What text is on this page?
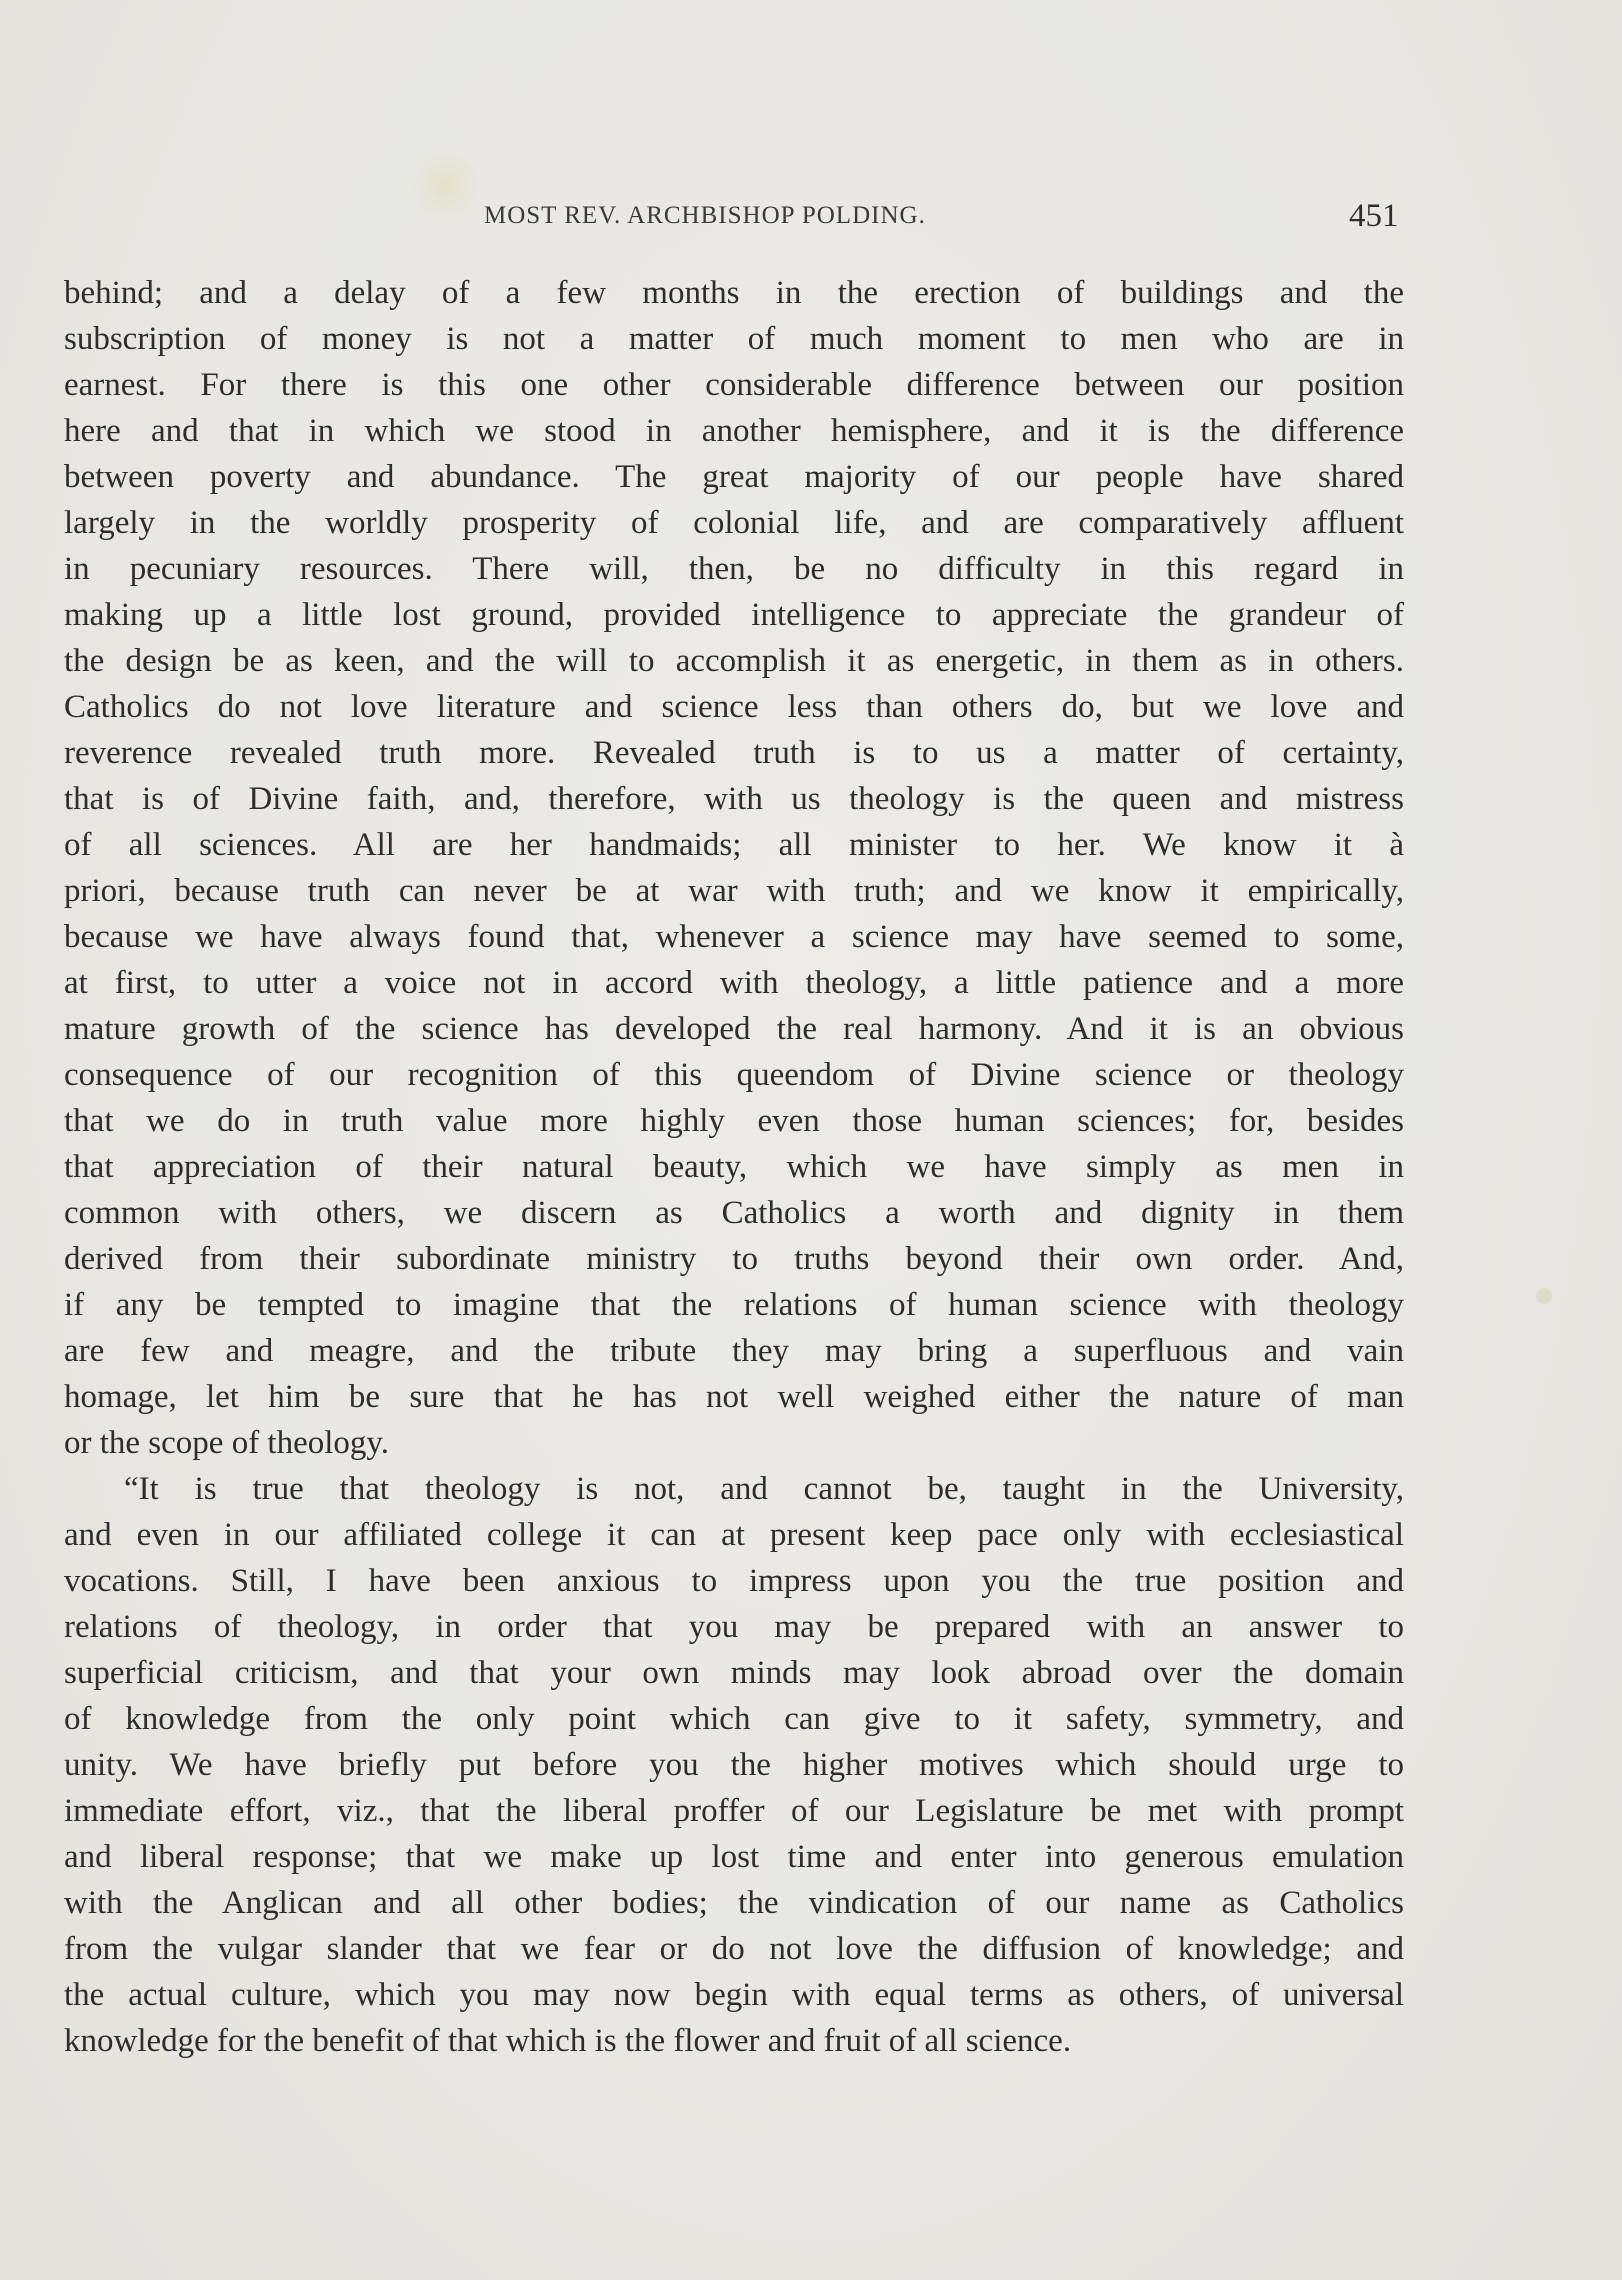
MOST REV. ARCHBISHOP POLDING.	451
behind; and a delay of a few months in the erection of buildings and the
subscription of money is not a matter of much moment to men who are in
earnest. For there is this one other considerable difference between our position
here and that in which we stood in another hemisphere, and it is the difference
between poverty and abundance. The great majority of our people have shared
largely in the worldly prosperity of colonial life, and are comparatively affluent
in pecuniary resources. There will, then, be no difficulty in this regard in
making up a little lost ground, provided intelligence to appreciate the grandeur of
the design be as keen, and the will to accomplish it as energetic, in them as in others.
Catholics do not love literature and science less than others do, but we love and
reverence revealed truth more. Revealed truth is to us a matter of certainty,
that is of Divine faith, and, therefore, with us theology is the queen and mistress
of all sciences. All are her handmaids; all minister to her. We know it à
priori, because truth can never be at war with truth; and we know it empirically,
because we have always found that, whenever a science may have seemed to some,
at first, to utter a voice not in accord with theology, a little patience and a more
mature growth of the science has developed the real harmony. And it is an obvious
consequence of our recognition of this queendom of Divine science or theology
that we do in truth value more highly even those human sciences; for, besides
that appreciation of their natural beauty, which we have simply as men in
common with others, we discern as Catholics a worth and dignity in them
derived from their subordinate ministry to truths beyond their own order. And,
if any be tempted to imagine that the relations of human science with theology
are few and meagre, and the tribute they may bring a superfluous and vain
homage, let him be sure that he has not well weighed either the nature of man
or the scope of theology.
“It is true that theology is not, and cannot be, taught in the University,
and even in our affiliated college it can at present keep pace only with ecclesiastical
vocations. Still, I have been anxious to impress upon you the true position and
relations of theology, in order that you may be prepared with an answer to
superficial criticism, and that your own minds may look abroad over the domain
of knowledge from the only point which can give to it safety, symmetry, and
unity. We have briefly put before you the higher motives which should urge to
immediate effort, viz., that the liberal proffer of our Legislature be met with prompt
and liberal response; that we make up lost time and enter into generous emulation
with the Anglican and all other bodies; the vindication of our name as Catholics
from the vulgar slander that we fear or do not love the diffusion of knowledge; and
the actual culture, which you may now begin with equal terms as others, of universal
knowledge for the benefit of that which is the flower and fruit of all science.
